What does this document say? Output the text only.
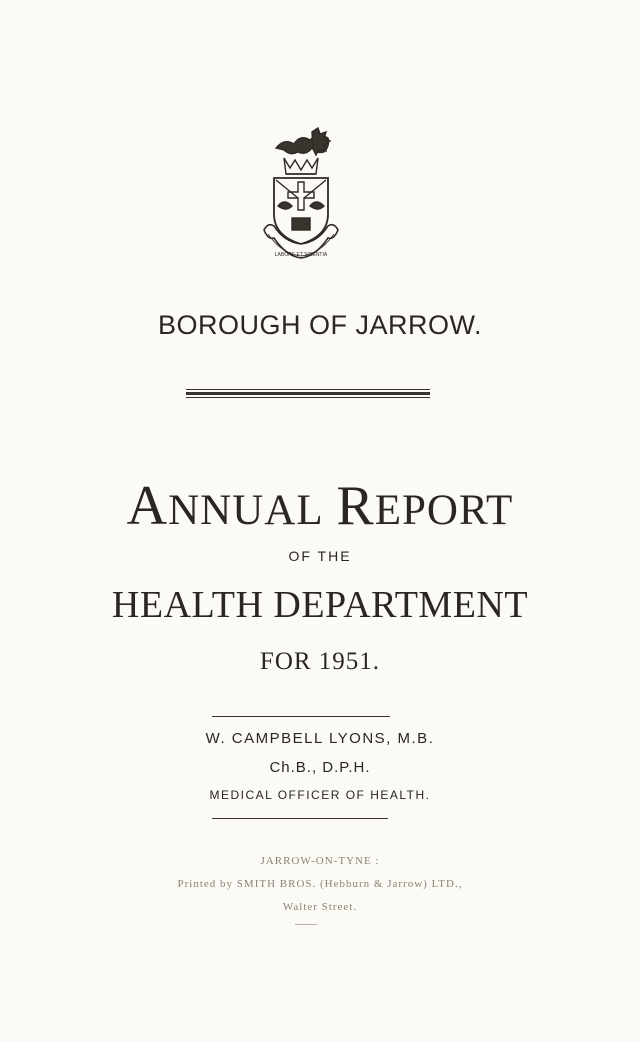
LABORE ET SCIENTIA
BOROUGH OF JARROW.
ANNUAL REPORT
OF THE
HEALTH DEPARTMENT
FOR 1951.
W. CAMPBELL LYONS, M.B.
Ch.B., D.P.H.
MEDICAL OFFICER OF HEALTH.
JARROW-ON-TYNE :
Printed by SMITH BROS. (Hebburn & Jarrow) LTD.,
Walter Street.
